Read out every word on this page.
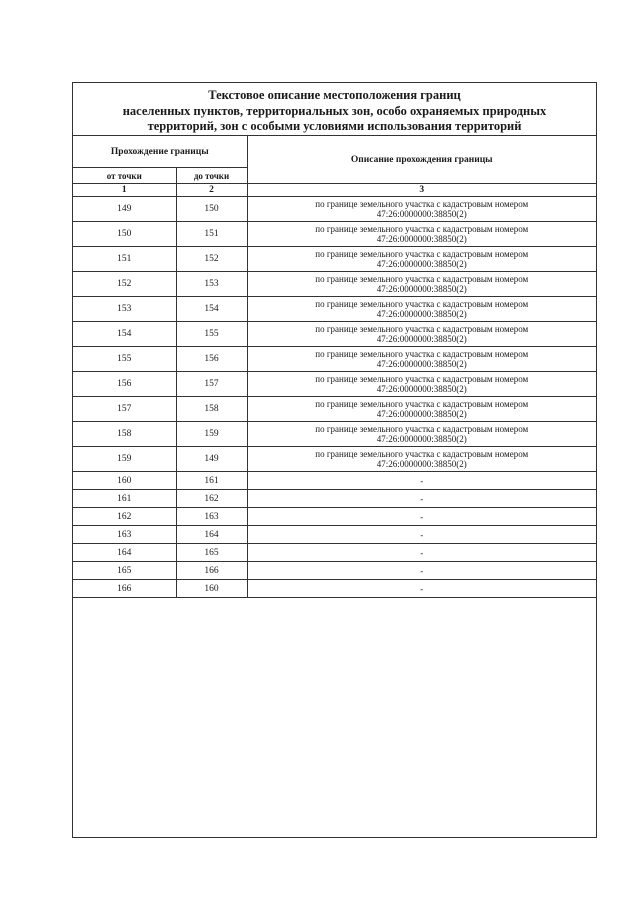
Текстовое описание местоположения границ
населенных пунктов, территориальных зон, особо охраняемых природных
территорий, зон с особыми условиями использования территорий
Прохождение границы		Описание прохождения границы
от точки	до точки	
1	2	3
149	150	по границе земельного участка с кадастровым номером
47:26:0000000:38850(2)

150	151	по границе земельного участка с кадастровым номером
47:26:0000000:38850(2)

151	152	по границе земельного участка с кадастровым номером
47:26:0000000:38850(2)

152	153	по границе земельного участка с кадастровым номером
47:26:0000000:38850(2)

153	154	по границе земельного участка с кадастровым номером
47:26:0000000:38850(2)

154	155	по границе земельного участка с кадастровым номером
47:26:0000000:38850(2)

155	156	по границе земельного участка с кадастровым номером
47:26:0000000:38850(2)

156	157	по границе земельного участка с кадастровым номером
47:26:0000000:38850(2)

157	158	по границе земельного участка с кадастровым номером
47:26:0000000:38850(2)

158	159	по границе земельного участка с кадастровым номером
47:26:0000000:38850(2)

159	149	по границе земельного участка с кадастровым номером
47:26:0000000:38850(2)

160	161	-

161	162	-

162	163	-

163	164	-

164	165	-

165	166	-

166	160	-
